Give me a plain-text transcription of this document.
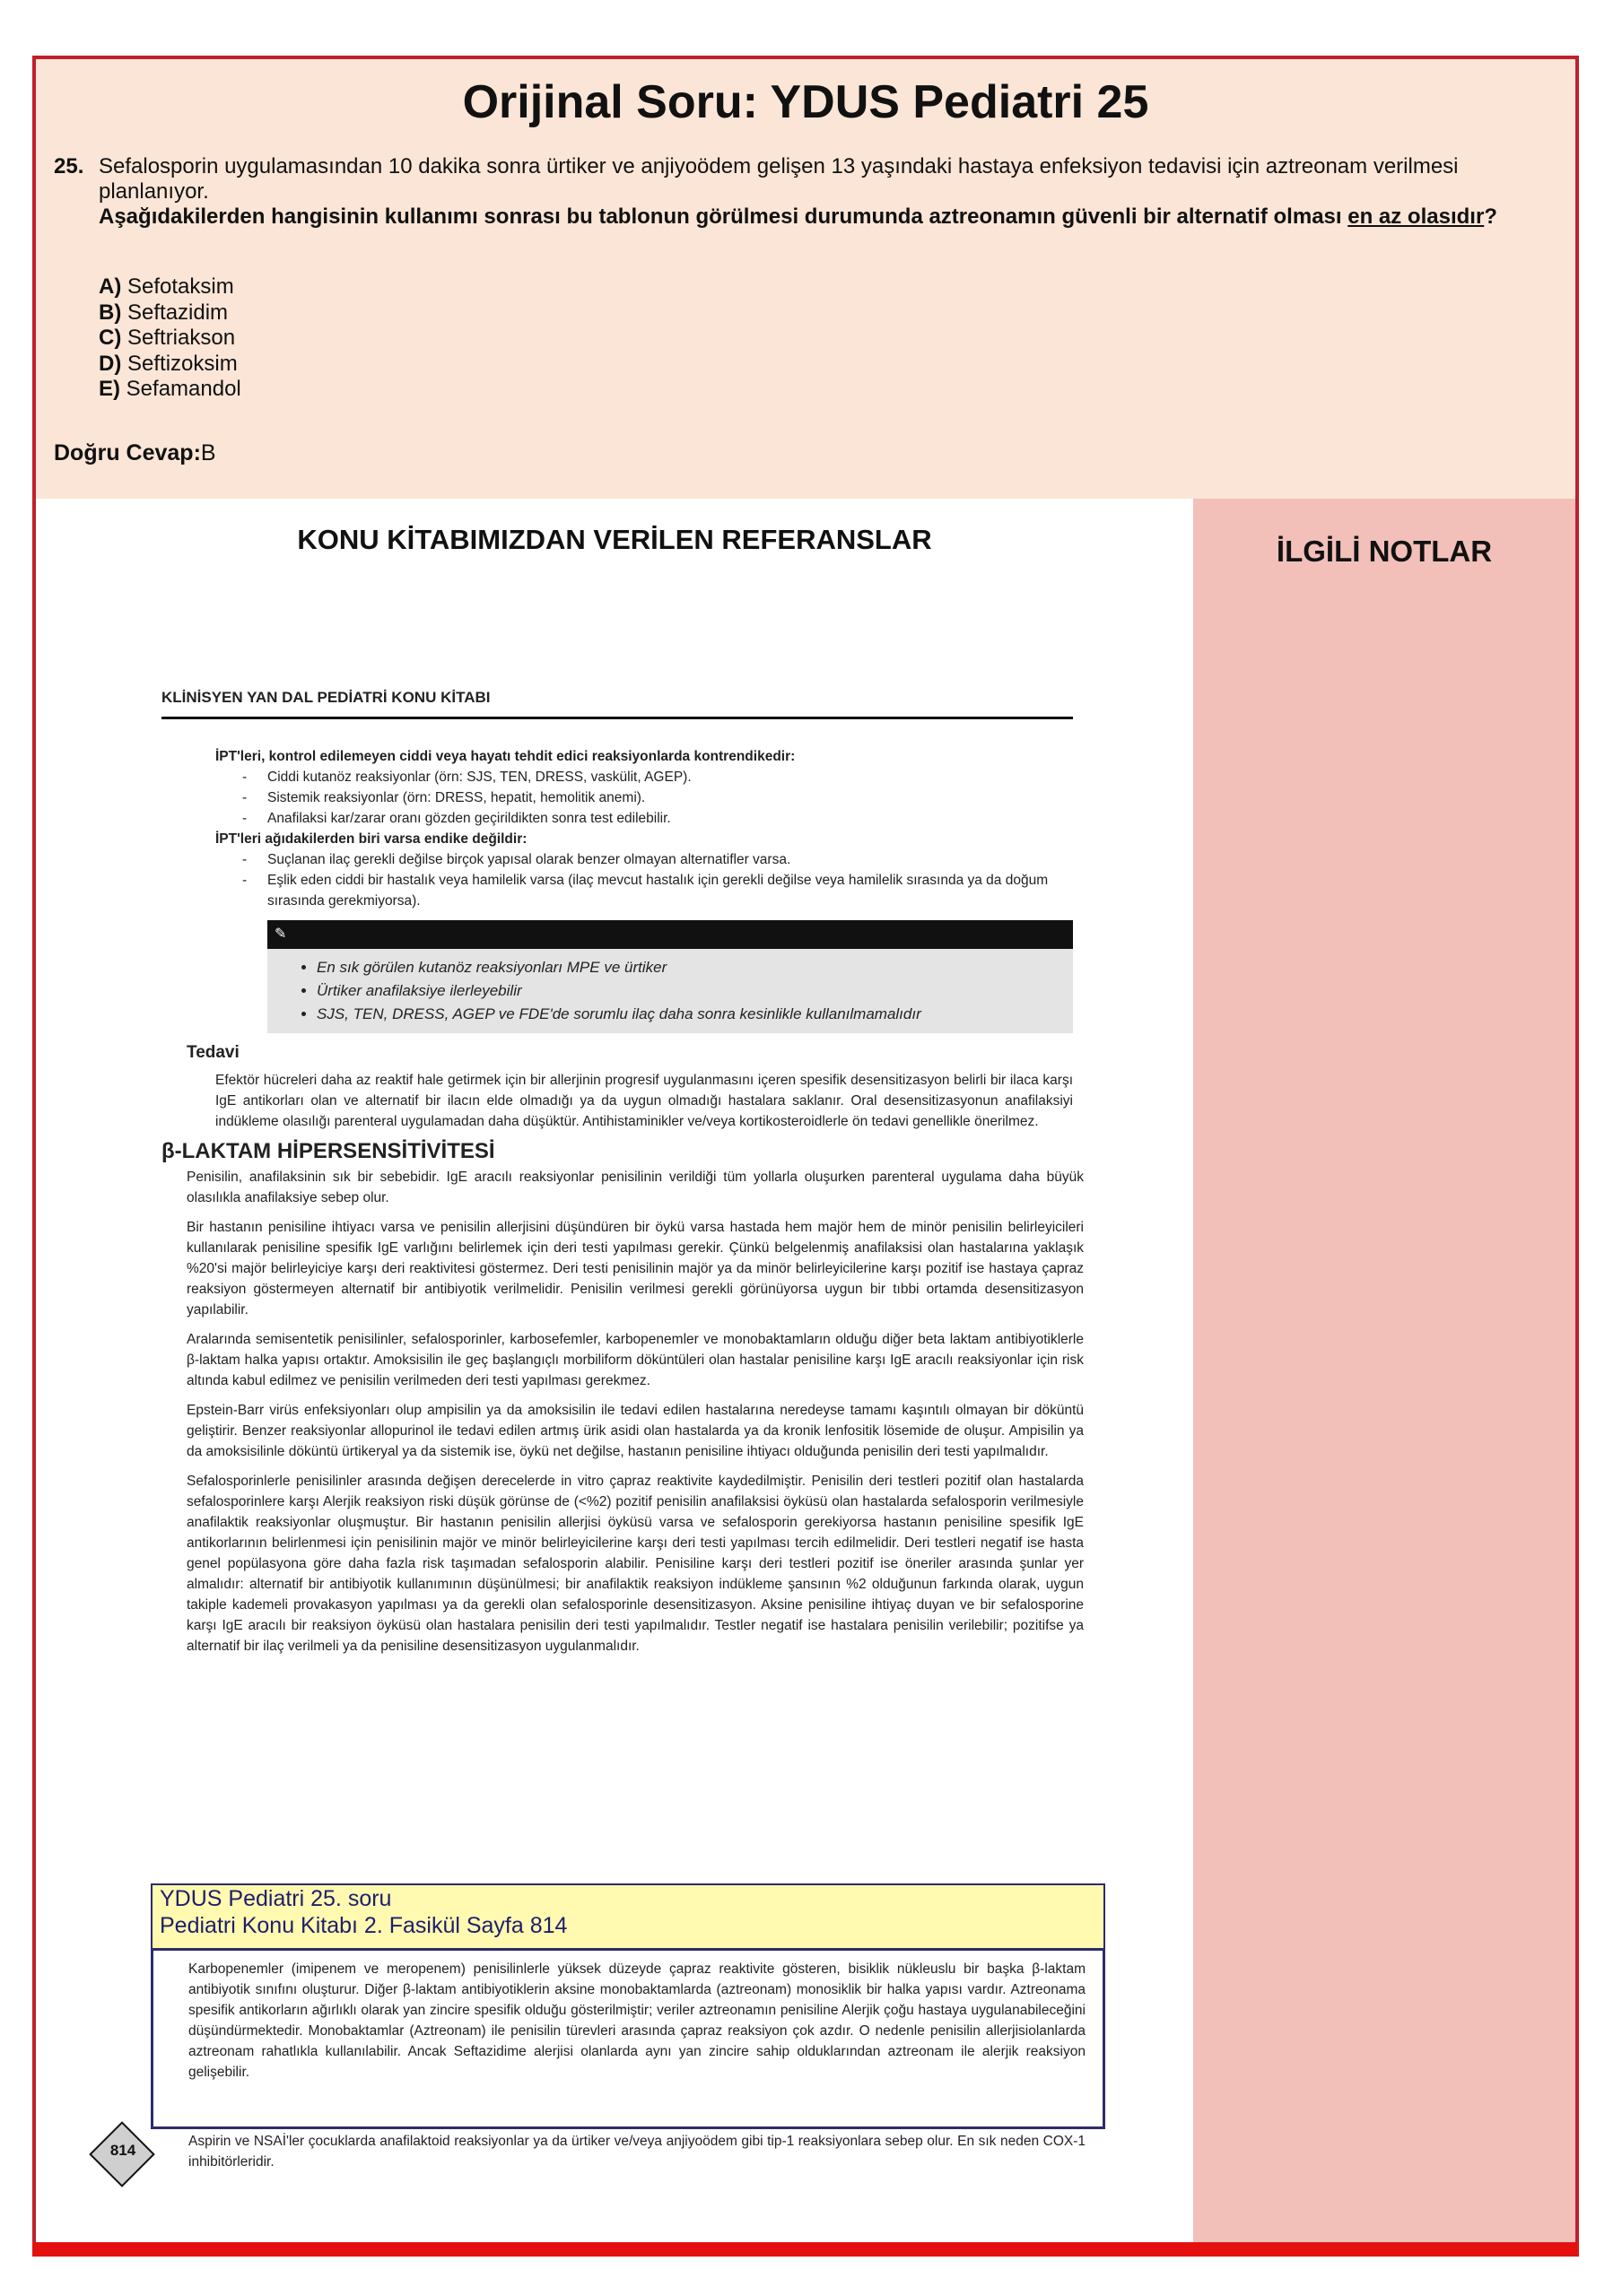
Orijinal Soru: YDUS Pediatri 25
25. Sefalosporin uygulamasından 10 dakika sonra ürtiker ve anjiyoödem gelişen 13 yaşındaki hastaya enfeksiyon tedavisi için aztreonam verilmesi planlanıyor.
Aşağıdakilerden hangisinin kullanımı sonrası bu tablonun görülmesi durumunda aztreonamın güvenli bir alternatif olması en az olasıdır?
A) Sefotaksim
B) Seftazidim
C) Seftriakson
D) Seftizoksim
E) Sefamandol
Doğru Cevap:B
KONU KİTABIMIZDAN VERİLEN REFERANSLAR
KLİNİSYEN YAN DAL PEDİATRİ KONU KİTABI
İPT'leri, kontrol edilemeyen ciddi veya hayatı tehdit edici reaksiyonlarda kontrendikedir:
- Ciddi kutanöz reaksiyonlar (örn: SJS, TEN, DRESS, vaskülit, AGEP).
- Sistemik reaksiyonlar (örn: DRESS, hepatit, hemolitik anemi).
- Anafilaksi kar/zarar oranı gözden geçirildikten sonra test edilebilir.
İPT'leri ağıdakilerden biri varsa endike değildir:
- Suçlanan ilaç gerekli değilse birçok yapısal olarak benzer olmayan alternatifler varsa.
- Eşlik eden ciddi bir hastalık veya hamilelik varsa (ilaç mevcut hastalık için gerekli değilse veya hamilelik sırasında ya da doğum sırasında gerekmiyorsa).
✎
• En sık görülen kutanöz reaksiyonları MPE ve ürtiker
• Ürtiker anafilaksiye ilerleyebilir
• SJS, TEN, DRESS, AGEP ve FDE'de sorumlu ilaç daha sonra kesinlikle kullanılmamalıdır
Tedavi
Efektör hücreleri daha az reaktif hale getirmek için bir allerjinin progresif uygulanmasını içeren spesifik desensitizasyon belirli bir ilaca karşı IgE antikorları olan ve alternatif bir ilacın elde olmadığı ya da uygun olmadığı hastalara saklanır. Oral desensitizasyonun anafilaksiyi indükleme olasılığı parenteral uygulamadan daha düşüktür. Antihistaminikler ve/veya kortikosteroidlerle ön tedavi genellikle önerilmez.
β-LAKTAM HİPERSENSİTİVİTESİ
Penisilin, anafilaksinin sık bir sebebidir. IgE aracılı reaksiyonlar penisilinin verildiği tüm yollarla oluşurken parenteral uygulama daha büyük olasılıkla anafilaksiye sebep olur.
Bir hastanın penisiline ihtiyacı varsa ve penisilin allerjisini düşündüren bir öykü varsa hastada hem majör hem de minör penisilin belirleyicileri kullanılarak penisiline spesifik IgE varlığını belirlemek için deri testi yapılması gerekir. Çünkü belgelenmiş anafilaksisi olan hastalarına yaklaşık %20'si majör belirleyiciye karşı deri reaktivitesi göstermez. Deri testi penisilinin majör ya da minör belirleyicilerine karşı pozitif ise hastaya çapraz reaksiyon göstermeyen alternatif bir antibiyotik verilmelidir. Penisilin verilmesi gerekli görünüyorsa uygun bir tıbbi ortamda desensitizasyon yapılabilir.
Aralarında semisentetik penisilinler, sefalosporinler, karbosefemler, karbopenemler ve monobaktamların olduğu diğer beta laktam antibiyotiklerle β-laktam halka yapısı ortaktır. Amoksisilin ile geç başlangıçlı morbiliform döküntüleri olan hastalar penisiline karşı IgE aracılı reaksiyonlar için risk altında kabul edilmez ve penisilin verilmeden deri testi yapılması gerekmez.
Epstein-Barr virüs enfeksiyonları olup ampisilin ya da amoksisilin ile tedavi edilen hastalarına neredeyse tamamı kaşıntılı olmayan bir döküntü geliştirir. Benzer reaksiyonlar allopurinol ile tedavi edilen artmış ürik asidi olan hastalarda ya da kronik lenfositik lösemide de oluşur. Ampisilin ya da amoksisilinle döküntü ürtikeryal ya da sistemik ise, öykü net değilse, hastanın penisiline ihtiyacı olduğunda penisilin deri testi yapılmalıdır.
Sefalosporinlerle penisilinler arasında değişen derecelerde in vitro çapraz reaktivite kaydedilmiştir. Penisilin deri testleri pozitif olan hastalarda sefalosporinlere karşı Alerjik reaksiyon riski düşük görünse de (<%2) pozitif penisilin anafilaksisi öyküsü olan hastalarda sefalosporin verilmesiyle anafilaktik reaksiyonlar oluşmuştur. Bir hastanın penisilin allerjisi öyküsü varsa ve sefalosporin gerekiyorsa hastanın penisiline spesifik IgE antikorlarının belirlenmesi için penisilinin majör ve minör belirleyicilerine karşı deri testi yapılması tercih edilmelidir. Deri testleri negatif ise hasta genel popülasyona göre daha fazla risk taşımadan sefalosporin alabilir. Penisiline karşı deri testleri pozitif ise öneriler arasında şunlar yer almalıdır: alternatif bir antibiyotik kullanımının düşünülmesi; bir anafilaktik reaksiyon indükleme şansının %2 olduğunun farkında olarak, uygun takiple kademeli provakasyon yapılması ya da gerekli olan sefalosporinle desensitizasyon. Aksine penisiline ihtiyaç duyan ve bir sefalosporine karşı IgE aracılı bir reaksiyon öyküsü olan hastalara penisilin deri testi yapılmalıdır. Testler negatif ise hastalara penisilin verilebilir; pozitifse ya alternatif bir ilaç verilmeli ya da penisiline desensitizasyon uygulanmalıdır.
YDUS Pediatri 25. soru
Pediatri Konu Kitabı 2. Fasikül Sayfa 814
Karbopenemler (imipenem ve meropenem) penisilinlerle yüksek düzeyde çapraz reaktivite gösteren, bisiklik nükleuslu bir başka β-laktam antibiyotik sınıfını oluşturur. Diğer β-laktam antibiyotiklerin aksine monobaktamlarda (aztreonam) monosiklik bir halka yapısı vardır. Aztreonama spesifik antikorların ağırlıklı olarak yan zincire spesifik olduğu gösterilmiştir; veriler aztreonamın penisiline Alerjik çoğu hastaya uygulanabileceğini düşündürmektedir. Monobaktamlar (Aztreonam) ile penisilin türevleri arasında çapraz reaksiyon çok azdır. O nedenle penisilin allerjisiolanlarda aztreonam rahatlıkla kullanılabilir. Ancak Seftazidime alerjisi olanlarda aynı yan zincire sahip olduklarından aztreonam ile alerjik reaksiyon gelişebilir.
Aspirin ve NSAİ'ler çocuklarda anafilaktoid reaksiyonlar ya da ürtiker ve/veya anjiyoödem gibi tip-1 reaksiyonlara sebep olur. En sık neden COX-1 inhibitörleridir.
814
İLGİLİ NOTLAR
